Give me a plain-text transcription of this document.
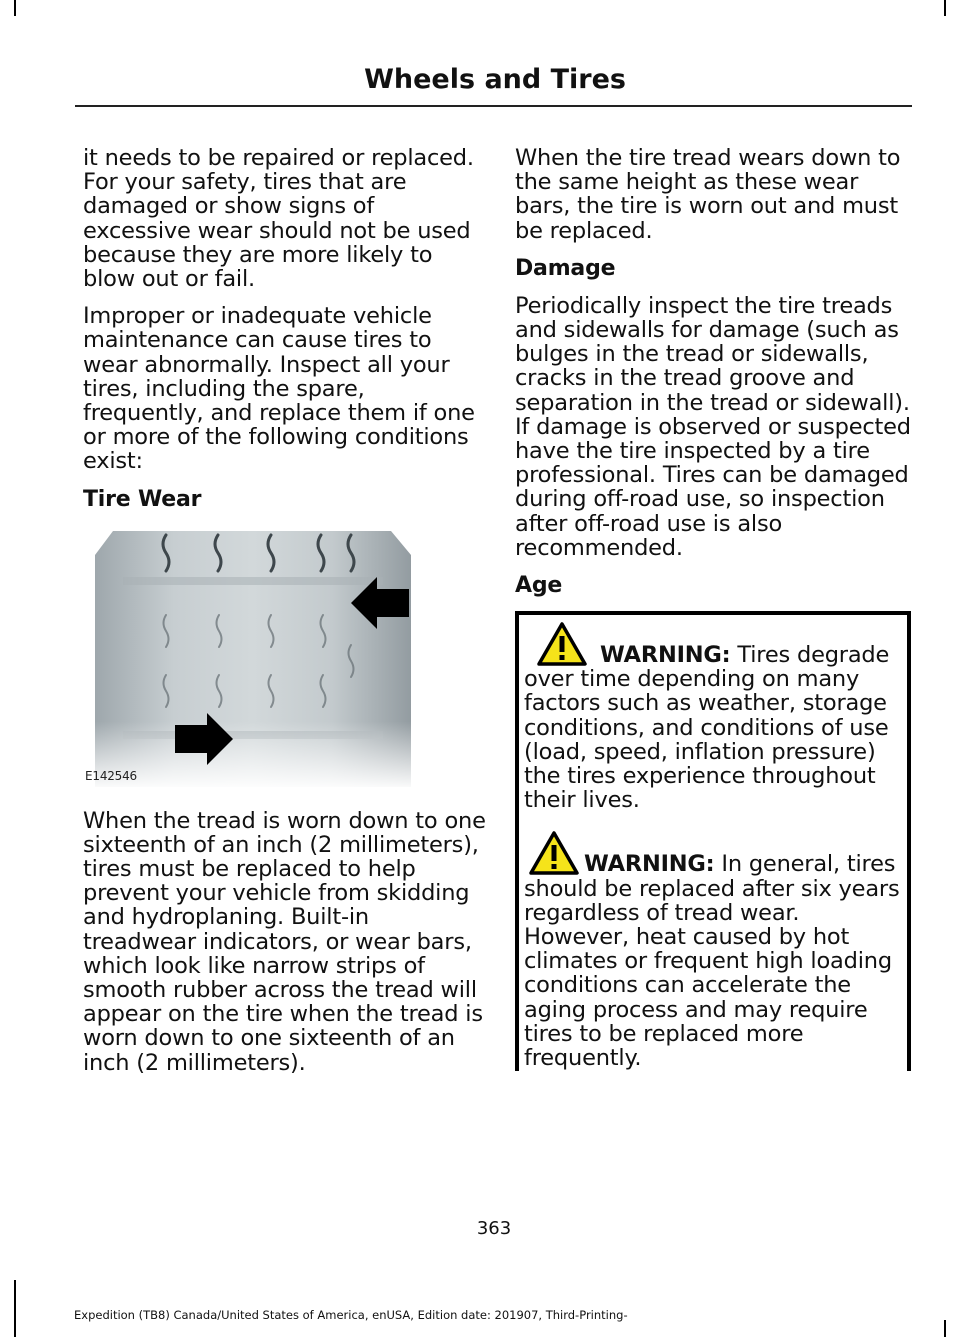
Wheels and Tires

it needs to be repaired or replaced. For your safety, tires that are damaged or show signs of excessive wear should not be used because they are more likely to blow out or fail.

Improper or inadequate vehicle maintenance can cause tires to wear abnormally. Inspect all your tires, including the spare, frequently, and replace them if one or more of the following conditions exist:

Tire Wear
E142546

When the tread is worn down to one sixteenth of an inch (2 millimeters), tires must be replaced to help prevent your vehicle from skidding and hydroplaning. Built-in treadwear indicators, or wear bars, which look like narrow strips of smooth rubber across the tread will appear on the tire when the tread is worn down to one sixteenth of an inch (2 millimeters).

When the tire tread wears down to the same height as these wear bars, the tire is worn out and must be replaced.

Damage

Periodically inspect the tire treads and sidewalls for damage (such as bulges in the tread or sidewalls, cracks in the tread groove and separation in the tread or sidewall). If damage is observed or suspected have the tire inspected by a tire professional. Tires can be damaged during off-road use, so inspection after off-road use is also recommended.

Age
WARNING: Tires degrade over time depending on many factors such as weather, storage conditions, and conditions of use (load, speed, inflation pressure) the tires experience throughout their lives.
WARNING: In general, tires should be replaced after six years regardless of tread wear. However, heat caused by hot climates or frequent high loading conditions can accelerate the aging process and may require tires to be replaced more frequently.
363
Expedition (TB8) Canada/United States of America, enUSA, Edition date: 201907, Third-Printing-
